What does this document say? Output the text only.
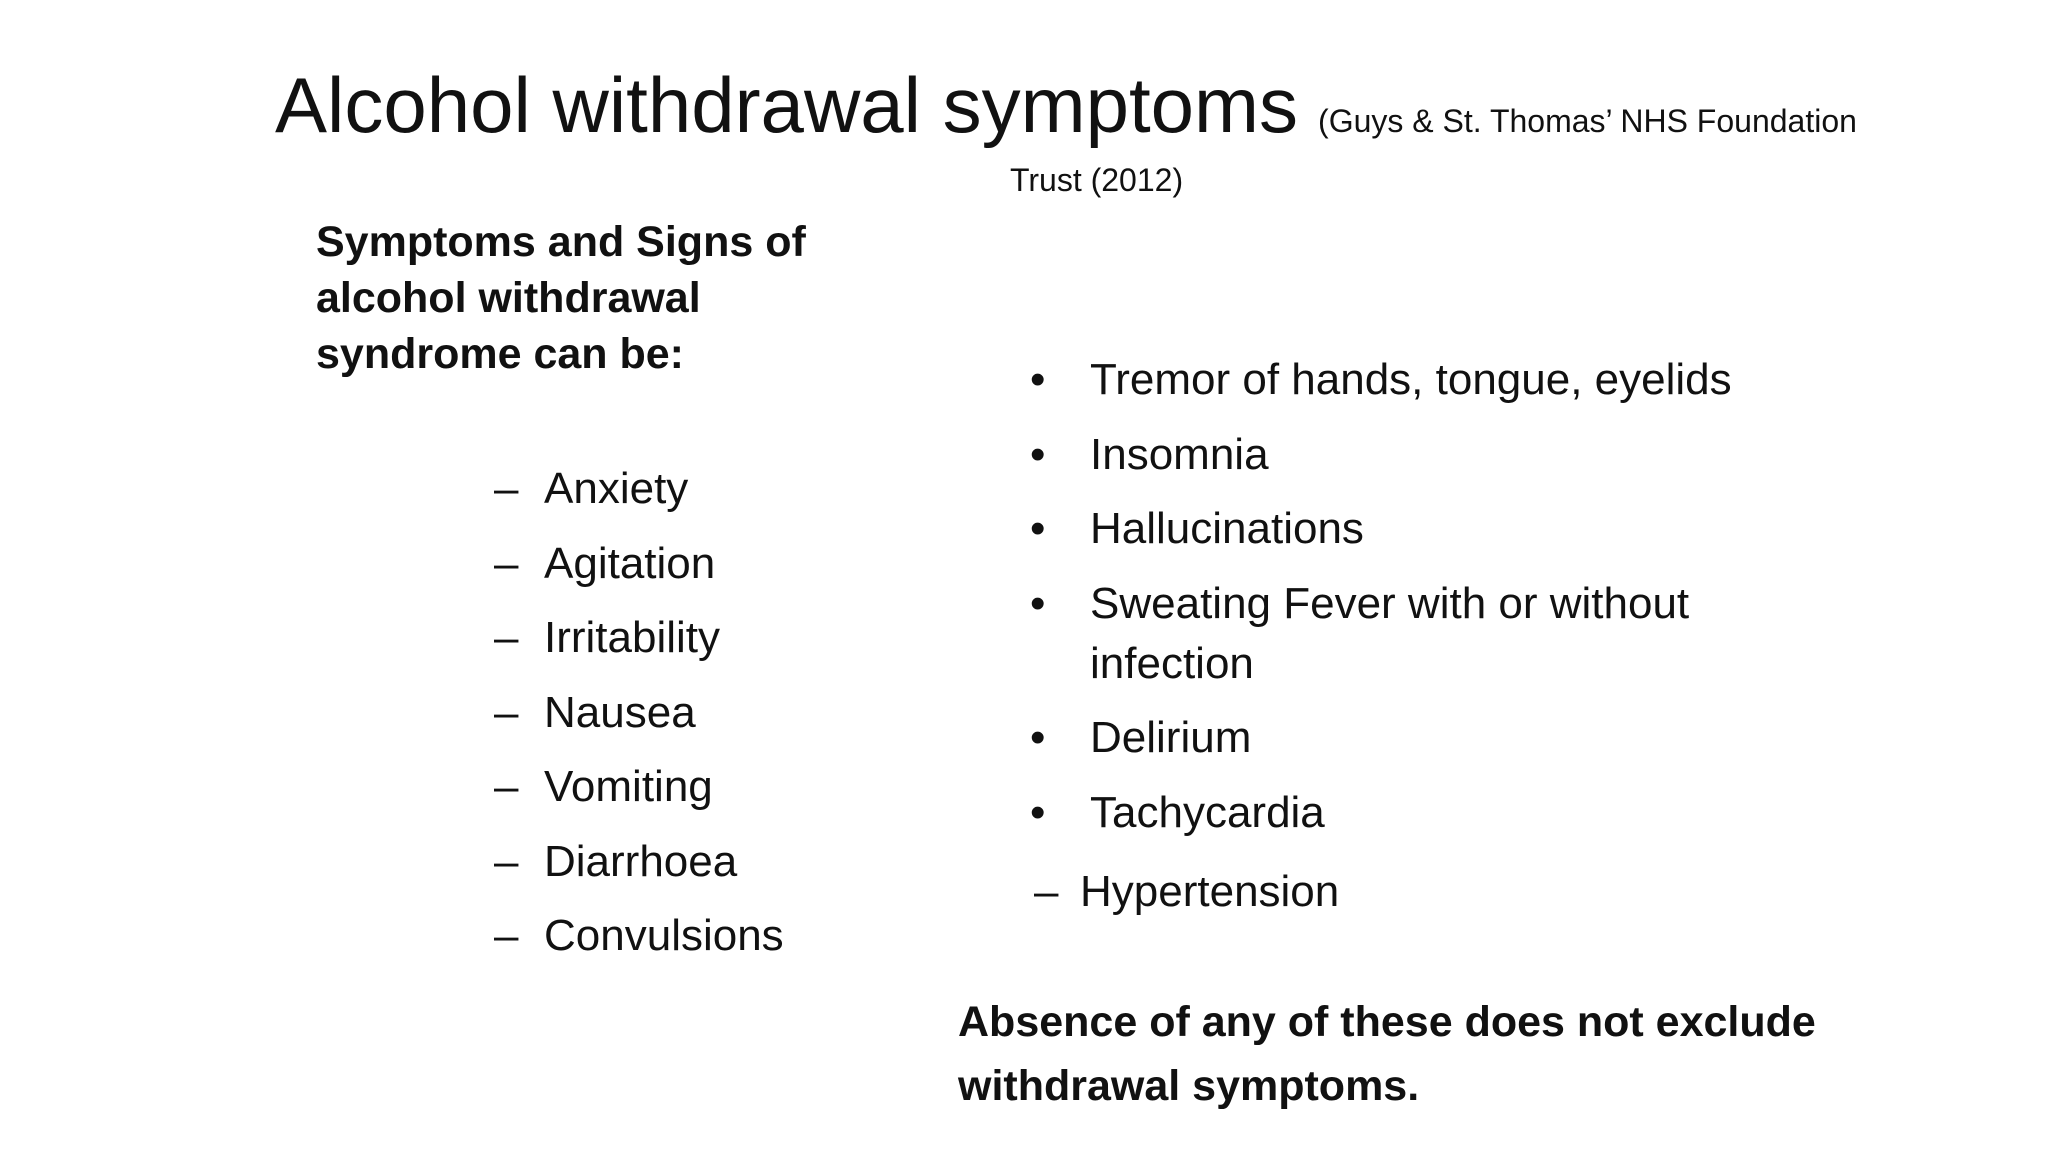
Alcohol withdrawal symptoms (Guys & St. Thomas’ NHS Foundation
Trust (2012)
Symptoms and Signs of alcohol withdrawal syndrome can be:
– Anxiety
– Agitation
– Irritability
– Nausea
– Vomiting
– Diarrhoea
– Convulsions
• Tremor of hands, tongue, eyelids
• Insomnia
• Hallucinations
• Sweating Fever with or without infection
• Delirium
• Tachycardia
– Hypertension
Absence of any of these does not exclude withdrawal symptoms.
